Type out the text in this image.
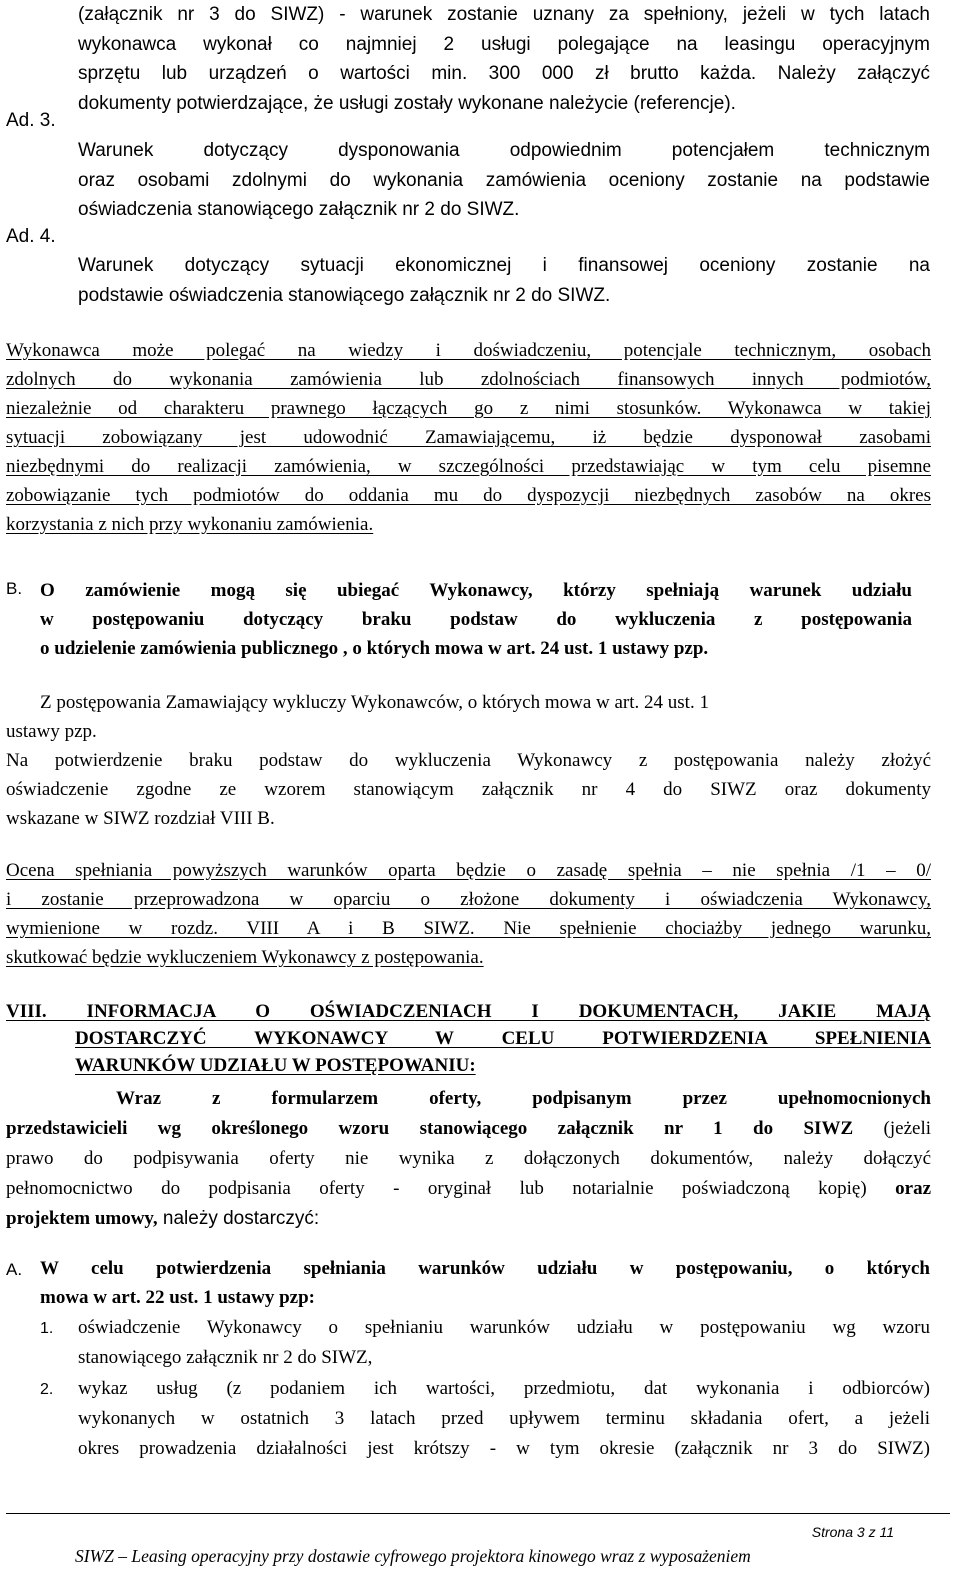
(załącznik nr 3 do SIWZ) - warunek zostanie uznany za spełniony, jeżeli w tych latach
wykonawca wykonał co najmniej 2 usługi polegające na leasingu operacyjnym
sprzętu lub urządzeń o wartości min. 300 000 zł brutto każda. Należy załączyć
dokumenty potwierdzające, że usługi zostały wykonane należycie (referencje).
Ad. 3.
Warunek dotyczący dysponowania odpowiednim potencjałem technicznym
oraz osobami zdolnymi do wykonania zamówienia oceniony zostanie na podstawie
oświadczenia stanowiącego załącznik nr 2 do SIWZ.
Ad. 4.
Warunek dotyczący sytuacji ekonomicznej i finansowej oceniony zostanie na
podstawie oświadczenia stanowiącego załącznik nr 2 do SIWZ.
Wykonawca może polegać na wiedzy i doświadczeniu, potencjale technicznym, osobach
zdolnych do wykonania zamówienia lub zdolnościach finansowych innych podmiotów,
niezależnie od charakteru prawnego łączących go z nimi stosunków. Wykonawca w takiej
sytuacji zobowiązany jest udowodnić Zamawiającemu, iż będzie dysponował zasobami
niezbędnymi do realizacji zamówienia, w szczególności przedstawiając w tym celu pisemne
zobowiązanie tych podmiotów do oddania mu do dyspozycji niezbędnych zasobów na okres
korzystania z nich przy wykonaniu zamówienia.
B. O zamówienie mogą się ubiegać Wykonawcy, którzy spełniają warunek udziału
w postępowaniu dotyczący braku podstaw do wykluczenia z postępowania
o udzielenie zamówienia publicznego , o których mowa w art. 24 ust. 1 ustawy pzp.
Z postępowania Zamawiający wykluczy Wykonawców, o których mowa w art. 24 ust. 1
ustawy pzp.
Na potwierdzenie braku podstaw do wykluczenia Wykonawcy z postępowania należy złożyć
oświadczenie zgodne ze wzorem stanowiącym załącznik nr 4 do SIWZ oraz dokumenty
wskazane w SIWZ rozdział VIII B.
Ocena spełniania powyższych warunków oparta będzie o zasadę spełnia – nie spełnia /1 – 0/
i zostanie przeprowadzona w oparciu o złożone dokumenty i oświadczenia Wykonawcy,
wymienione w rozdz. VIII A i B SIWZ. Nie spełnienie chociażby jednego warunku,
skutkować będzie wykluczeniem Wykonawcy z postępowania.
VIII. INFORMACJA O OŚWIADCZENIACH I DOKUMENTACH, JAKIE MAJĄ
DOSTARCZYĆ WYKONAWCY W CELU POTWIERDZENIA SPEŁNIENIA
WARUNKÓW UDZIAŁU W POSTĘPOWANIU:
Wraz z formularzem oferty, podpisanym przez upełnomocnionych
przedstawicieli wg określonego wzoru stanowiącego załącznik nr 1 do SIWZ (jeżeli
prawo do podpisywania oferty nie wynika z dołączonych dokumentów, należy dołączyć
pełnomocnictwo do podpisania oferty - oryginał lub notarialnie poświadczoną kopię) oraz
projektem umowy, należy dostarczyć:
A. W celu potwierdzenia spełniania warunków udziału w postępowaniu, o których
mowa w art. 22 ust. 1 ustawy pzp:
1. oświadczenie Wykonawcy o spełnianiu warunków udziału w postępowaniu wg wzoru
stanowiącego załącznik nr 2 do SIWZ,
2. wykaz usług (z podaniem ich wartości, przedmiotu, dat wykonania i odbiorców)
wykonanych w ostatnich 3 latach przed upływem terminu składania ofert, a jeżeli
okres prowadzenia działalności jest krótszy - w tym okresie (załącznik nr 3 do SIWZ)
Strona 3 z 11
SIWZ – Leasing operacyjny przy dostawie cyfrowego projektora kinowego wraz z wyposażeniem
